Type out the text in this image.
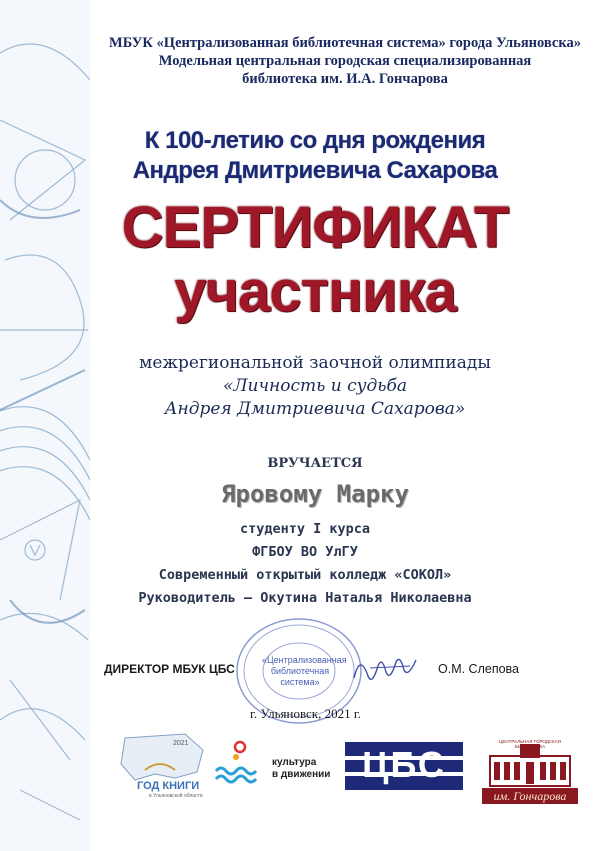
МБУК «Централизованная библиотечная система» города Ульяновска»
Модельная центральная городская специализированная
библиотека им. И.А. Гончарова
К 100-летию со дня рождения
Андрея Дмитриевича Сахарова
СЕРТИФИКАТ
участника
межрегиональной заочной олимпиады
«Личность и судьба
Андрея Дмитриевича Сахарова»
ВРУЧАЕТСЯ
Яровому Марку
студенту I курса
ФГБОУ ВО УлГУ
Современный открытый колледж «СОКОЛ»
Руководитель – Окутина Наталья Николаевна
«Централизованная
библиотечная
система»
ДИРЕКТОР МБУК ЦБС	О.М. Слепова
г. Ульяновск, 2021 г.
2021
ГОД КНИГИ
в Ульяновской области
культура
в движении ЦБС
ЦЕНТРАЛЬНАЯ ГОРОДСКАЯ БИБЛИОТЕКА
им. Гончарова
